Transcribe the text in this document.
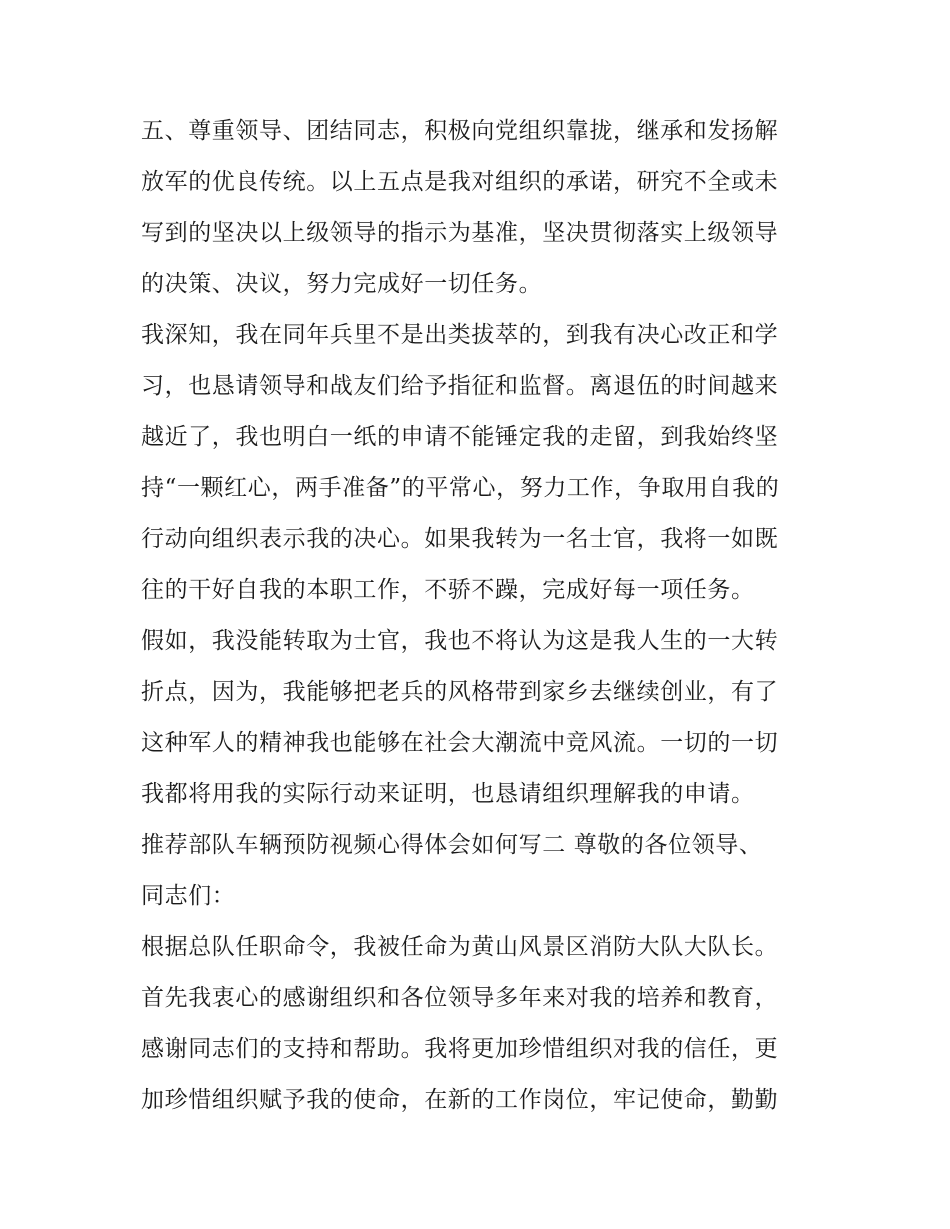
五、尊重领导、团结同志，积极向党组织靠拢，继承和发扬解
放军的优良传统。以上五点是我对组织的承诺，研究不全或未
写到的坚决以上级领导的指示为基准，坚决贯彻落实上级领导
的决策、决议，努力完成好一切任务。
我深知，我在同年兵里不是出类拔萃的，到我有决心改正和学
习，也恳请领导和战友们给予指征和监督。离退伍的时间越来
越近了，我也明白一纸的申请不能锤定我的走留，到我始终坚
持“一颗红心，两手准备”的平常心，努力工作，争取用自我的
行动向组织表示我的决心。如果我转为一名士官，我将一如既
往的干好自我的本职工作，不骄不躁，完成好每一项任务。
假如，我没能转取为士官，我也不将认为这是我人生的一大转
折点，因为，我能够把老兵的风格带到家乡去继续创业，有了
这种军人的精神我也能够在社会大潮流中竞风流。一切的一切
我都将用我的实际行动来证明，也恳请组织理解我的申请。
推荐部队车辆预防视频心得体会如何写二 尊敬的各位领导、
同志们：
根据总队任职命令，我被任命为黄山风景区消防大队大队长。
首先我衷心的感谢组织和各位领导多年来对我的培养和教育，
感谢同志们的支持和帮助。我将更加珍惜组织对我的信任，更
加珍惜组织赋予我的使命，在新的工作岗位，牢记使命，勤勤
